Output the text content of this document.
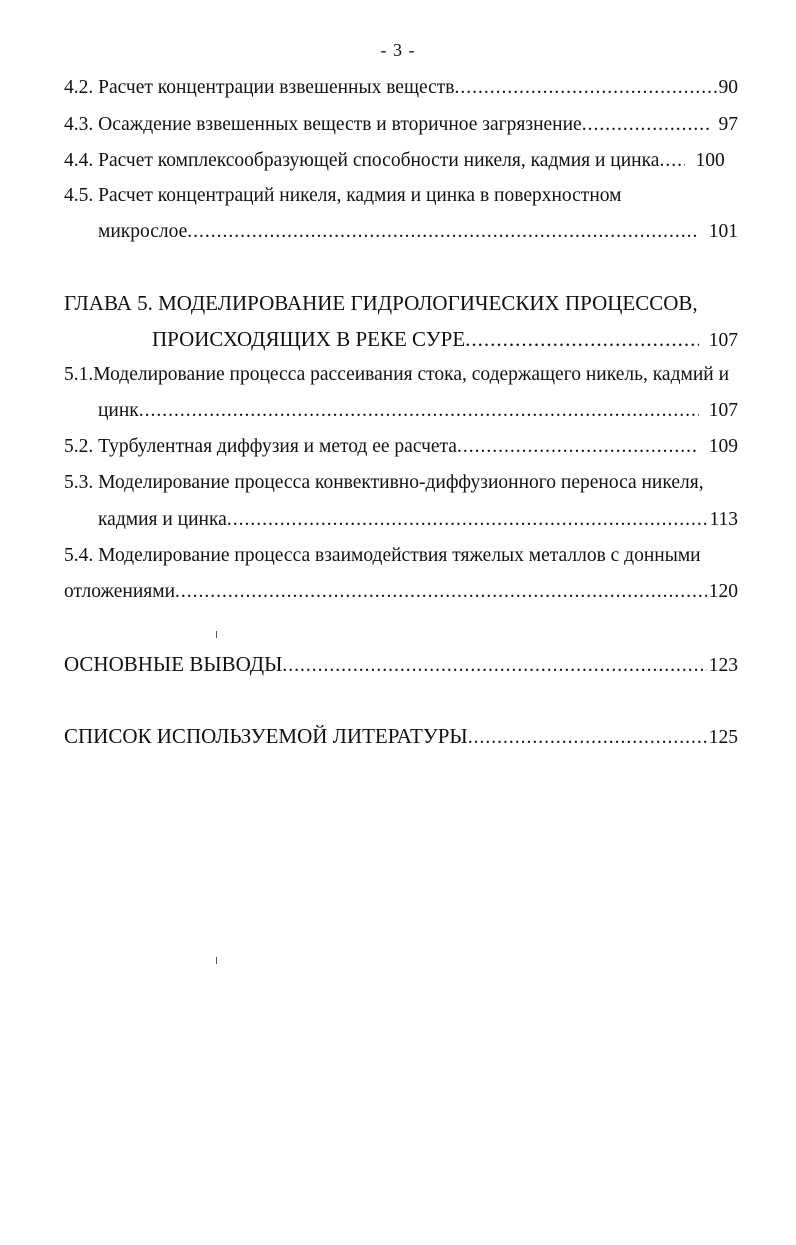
- 3 -
4.2. Расчет концентрации взвешенных веществ .....	90
4.3. Осаждение взвешенных веществ и вторичное загрязнение .....	97
4.4. Расчет комплексообразующей способности никеля, кадмия и цинка .....	100
4.5. Расчет концентраций никеля, кадмия и цинка в поверхностном
микрослое .....	101
ГЛАВА 5. МОДЕЛИРОВАНИЕ ГИДРОЛОГИЧЕСКИХ ПРОЦЕССОВ,
ПРОИСХОДЯЩИХ В РЕКЕ СУРЕ .....	107
5.1.Моделирование процесса рассеивания стока, содержащего никель, кадмий и
цинк .....	107
5.2. Турбулентная диффузия и метод ее расчета .....	109
5.3. Моделирование процесса конвективно-диффузионного переноса никеля,
кадмия и цинка .....	113
5.4. Моделирование процесса взаимодействия тяжелых металлов с донными
отложениями .....	120
ОСНОВНЫЕ ВЫВОДЫ .....	123
СПИСОК ИСПОЛЬЗУЕМОЙ ЛИТЕРАТУРЫ .....	125
